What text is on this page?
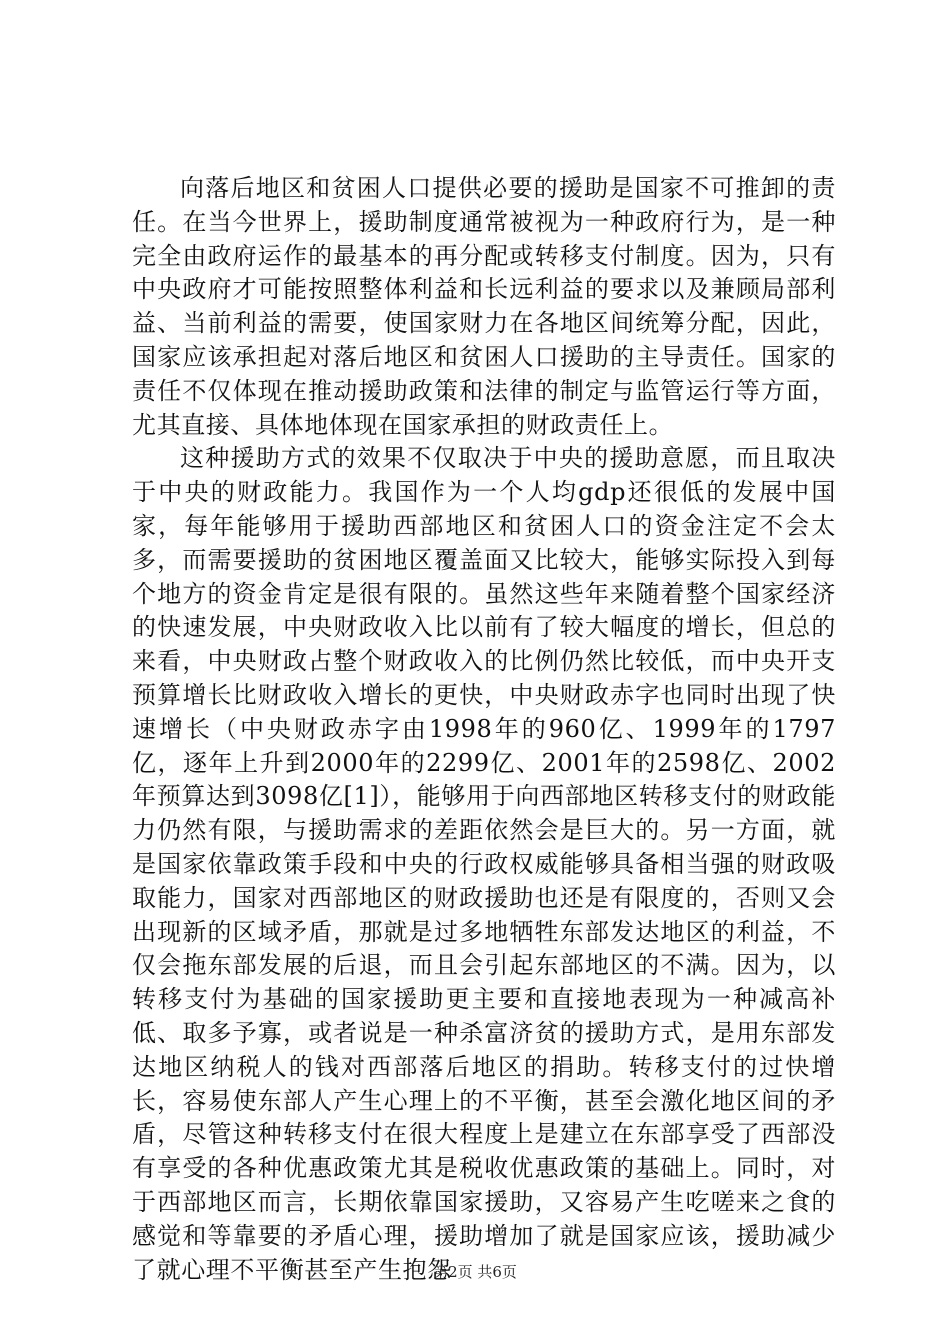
向落后地区和贫困人口提供必要的援助是国家不可推卸的责任。在当今世界上，援助制度通常被视为一种政府行为，是一种完全由政府运作的最基本的再分配或转移支付制度。因为，只有中央政府才可能按照整体利益和长远利益的要求以及兼顾局部利益、当前利益的需要，使国家财力在各地区间统筹分配，因此，国家应该承担起对落后地区和贫困人口援助的主导责任。国家的责任不仅体现在推动援助政策和法律的制定与监管运行等方面，尤其直接、具体地体现在国家承担的财政责任上。

这种援助方式的效果不仅取决于中央的援助意愿，而且取决于中央的财政能力。我国作为一个人均gdp还很低的发展中国家，每年能够用于援助西部地区和贫困人口的资金注定不会太多，而需要援助的贫困地区覆盖面又比较大，能够实际投入到每个地方的资金肯定是很有限的。虽然这些年来随着整个国家经济的快速发展，中央财政收入比以前有了较大幅度的增长，但总的来看，中央财政占整个财政收入的比例仍然比较低，而中央开支预算增长比财政收入增长的更快，中央财政赤字也同时出现了快速增长（中央财政赤字由1998年的960亿、1999年的1797亿，逐年上升到2000年的2299亿、2001年的2598亿、2002年预算达到3098亿[1]），能够用于向西部地区转移支付的财政能力仍然有限，与援助需求的差距依然会是巨大的。另一方面，就是国家依靠政策手段和中央的行政权威能够具备相当强的财政吸取能力，国家对西部地区的财政援助也还是有限度的，否则又会出现新的区域矛盾，那就是过多地牺牲东部发达地区的利益，不仅会拖东部发展的后退，而且会引起东部地区的不满。因为，以转移支付为基础的国家援助更主要和直接地表现为一种减高补低、取多予寡，或者说是一种杀富济贫的援助方式，是用东部发达地区纳税人的钱对西部落后地区的捐助。转移支付的过快增长，容易使东部人产生心理上的不平衡，甚至会激化地区间的矛盾，尽管这种转移支付在很大程度上是建立在东部享受了西部没有享受的各种优惠政策尤其是税收优惠政策的基础上。同时，对于西部地区而言，长期依靠国家援助，又容易产生吃嗟来之食的感觉和等靠要的矛盾心理，援助增加了就是国家应该，援助减少了就心理不平衡甚至产生抱怨

第2页 共6页
